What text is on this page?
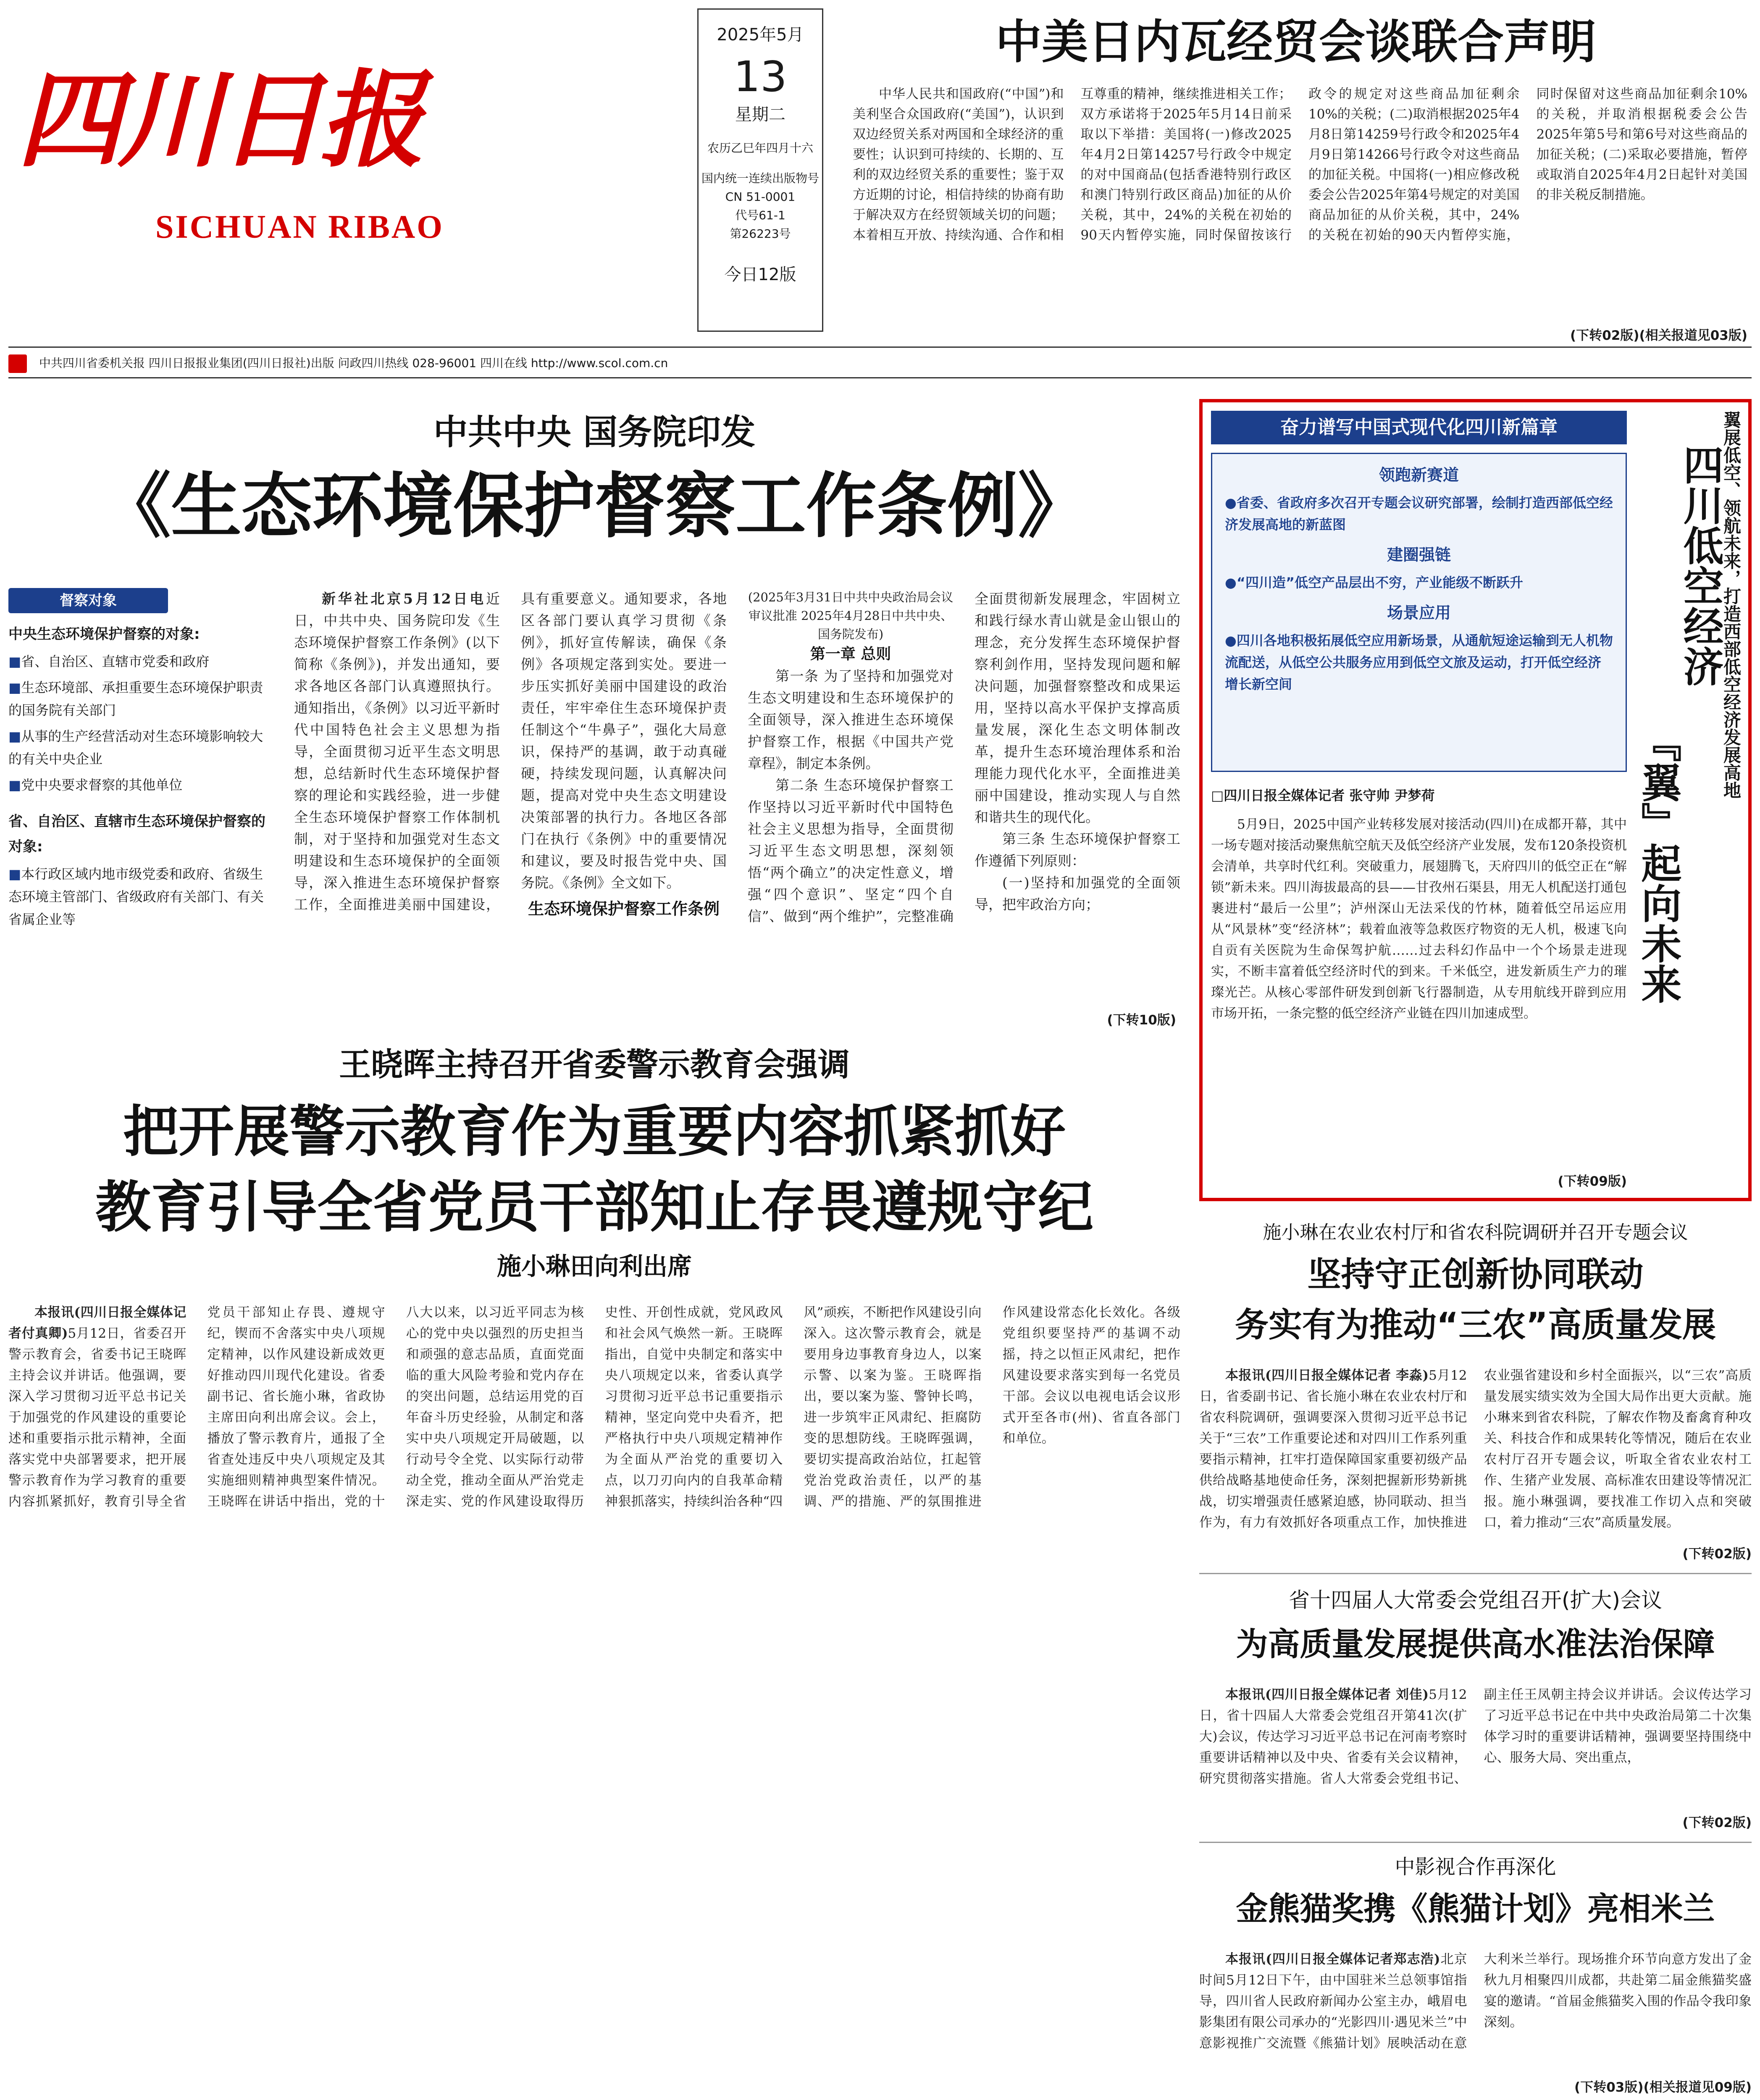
四川日报
SICHUAN RIBAO
2025年5月
13
星期二
农历乙巳年四月十六
国内统一连续出版物号
CN 51-0001
代号61-1
第26223号
今日12版
中美日内瓦经贸会谈联合声明

中华人民共和国政府(“中国”)和美利坚合众国政府(“美国”)，认识到双边经贸关系对两国和全球经济的重要性；认识到可持续的、长期的、互利的双边经贸关系的重要性；鉴于双方近期的讨论，相信持续的协商有助于解决双方在经贸领域关切的问题；本着相互开放、持续沟通、合作和相互尊重的精神，继续推进相关工作；双方承诺将于2025年5月14日前采取以下举措：美国将(一)修改2025年4月2日第14257号行政令中规定的对中国商品(包括香港特别行政区和澳门特别行政区商品)加征的从价关税，其中，24%的关税在初始的90天内暂停实施，同时保留按该行政令的规定对这些商品加征剩余10%的关税；(二)取消根据2025年4月8日第14259号行政令和2025年4月9日第14266号行政令对这些商品的加征关税。中国将(一)相应修改税委会公告2025年第4号规定的对美国商品加征的从价关税，其中，24%的关税在初始的90天内暂停实施，同时保留对这些商品加征剩余10%的关税，并取消根据税委会公告2025年第5号和第6号对这些商品的加征关税；(二)采取必要措施，暂停或取消自2025年4月2日起针对美国的非关税反制措施。

(下转02版)(相关报道见03版)
中共四川省委机关报 四川日报报业集团(四川日报社)出版 问政四川热线 028-96001 四川在线 http://www.scol.com.cn
中共中央 国务院印发
《生态环境保护督察工作条例》
督察对象
中央生态环境保护督察的对象:
■省、自治区、直辖市党委和政府
■生态环境部、承担重要生态环境保护职责的国务院有关部门
■从事的生产经营活动对生态环境影响较大的有关中央企业
■党中央要求督察的其他单位
省、自治区、直辖市生态环境保护督察的对象:
■本行政区域内地市级党委和政府、省级生态环境主管部门、省级政府有关部门、有关省属企业等

新华社北京5月12日电近日，中共中央、国务院印发《生态环境保护督察工作条例》(以下简称《条例》)，并发出通知，要求各地区各部门认真遵照执行。通知指出，《条例》以习近平新时代中国特色社会主义思想为指导，全面贯彻习近平生态文明思想，总结新时代生态环境保护督察的理论和实践经验，进一步健全生态环境保护督察工作体制机制，对于坚持和加强党对生态文明建设和生态环境保护的全面领导，深入推进生态环境保护督察工作，全面推进美丽中国建设，具有重要意义。通知要求，各地区各部门要认真学习贯彻《条例》，抓好宣传解读，确保《条例》各项规定落到实处。要进一步压实抓好美丽中国建设的政治责任，牢牢牵住生态环境保护责任制这个“牛鼻子”，强化大局意识，保持严的基调，敢于动真碰硬，持续发现问题，认真解决问题，提高对党中央生态文明建设决策部署的执行力。各地区各部门在执行《条例》中的重要情况和建议，要及时报告党中央、国务院。《条例》全文如下。

生态环境保护督察工作条例

(2025年3月31日中共中央政治局会议审议批准 2025年4月28日中共中央、国务院发布)

第一章 总则

第一条 为了坚持和加强党对生态文明建设和生态环境保护的全面领导，深入推进生态环境保护督察工作，根据《中国共产党章程》，制定本条例。

第二条 生态环境保护督察工作坚持以习近平新时代中国特色社会主义思想为指导，全面贯彻习近平生态文明思想，深刻领悟“两个确立”的决定性意义，增强“四个意识”、坚定“四个自信”、做到“两个维护”，完整准确全面贯彻新发展理念，牢固树立和践行绿水青山就是金山银山的理念，充分发挥生态环境保护督察利剑作用，坚持发现问题和解决问题，加强督察整改和成果运用，坚持以高水平保护支撑高质量发展，深化生态文明体制改革，提升生态环境治理体系和治理能力现代化水平，全面推进美丽中国建设，推动实现人与自然和谐共生的现代化。

第三条 生态环境保护督察工作遵循下列原则：

(一)坚持和加强党的全面领导，把牢政治方向；

(下转10版)
奋力谱写中国式现代化四川新篇章
领跑新赛道
●省委、省政府多次召开专题会议研究部署，绘制打造西部低空经济发展高地的新蓝图
建圈强链
●“四川造”低空产品层出不穷，产业能级不断跃升
场景应用
●四川各地积极拓展低空应用新场景，从通航短途运输到无人机物流配送，从低空公共服务应用到低空文旅及运动，打开低空经济增长新空间
□四川日报全媒体记者 张守帅 尹梦荷

5月9日，2025中国产业转移发展对接活动(四川)在成都开幕，其中一场专题对接活动聚焦航空航天及低空经济产业发展，发布120条投资机会清单，共享时代红利。突破重力，展翅腾飞，天府四川的低空正在“解锁”新未来。四川海拔最高的县——甘孜州石渠县，用无人机配送打通包裹进村“最后一公里”；泸州深山无法采伐的竹林，随着低空吊运应用从“风景林”变“经济林”；载着血液等急救医疗物资的无人机，极速飞向自贡有关医院为生命保驾护航……过去科幻作品中一个个场景走进现实，不断丰富着低空经济时代的到来。千米低空，进发新质生产力的璀璨光芒。从核心零部件研发到创新飞行器制造，从专用航线开辟到应用市场开拓，一条完整的低空经济产业链在四川加速成型。

(下转09版)
翼展低空、领航未来，打造西部低空经济发展高地
四川低空经济
『翼』起向未来
王晓晖主持召开省委警示教育会强调
把开展警示教育作为重要内容抓紧抓好
教育引导全省党员干部知止存畏遵规守纪
施小琳田向利出席

本报讯(四川日报全媒体记者付真卿)5月12日，省委召开警示教育会，省委书记王晓晖主持会议并讲话。他强调，要深入学习贯彻习近平总书记关于加强党的作风建设的重要论述和重要指示批示精神，全面落实党中央部署要求，把开展警示教育作为学习教育的重要内容抓紧抓好，教育引导全省党员干部知止存畏、遵规守纪，锲而不舍落实中央八项规定精神，以作风建设新成效更好推动四川现代化建设。省委副书记、省长施小琳，省政协主席田向利出席会议。会上，播放了警示教育片，通报了全省查处违反中央八项规定及其实施细则精神典型案件情况。王晓晖在讲话中指出，党的十八大以来，以习近平同志为核心的党中央以强烈的历史担当和顽强的意志品质，直面党面临的重大风险考验和党内存在的突出问题，总结运用党的百年奋斗历史经验，从制定和落实中央八项规定开局破题，以行动号令全党、以实际行动带动全党，推动全面从严治党走深走实、党的作风建设取得历史性、开创性成就，党风政风和社会风气焕然一新。王晓晖指出，自觉中央制定和落实中央八项规定以来，省委认真学习贯彻习近平总书记重要指示精神，坚定向党中央看齐，把严格执行中央八项规定精神作为全面从严治党的重要切入点，以刀刃向内的自我革命精神狠抓落实，持续纠治各种“四风”顽疾，不断把作风建设引向深入。这次警示教育会，就是要用身边事教育身边人，以案示警、以案为鉴。王晓晖指出，要以案为鉴、警钟长鸣，进一步筑牢正风肃纪、拒腐防变的思想防线。王晓晖强调，要切实提高政治站位，扛起管党治党政治责任，以严的基调、严的措施、严的氛围推进作风建设常态化长效化。各级党组织要坚持严的基调不动摇，持之以恒正风肃纪，把作风建设要求落实到每一名党员干部。会议以电视电话会议形式开至各市(州)、省直各部门和单位。

施小琳在农业农村厅和省农科院调研并召开专题会议
坚持守正创新协同联动
务实有为推动“三农”高质量发展

本报讯(四川日报全媒体记者 李淼)5月12日，省委副书记、省长施小琳在农业农村厅和省农科院调研，强调要深入贯彻习近平总书记关于“三农”工作重要论述和对四川工作系列重要指示精神，扛牢打造保障国家重要初级产品供给战略基地使命任务，深刻把握新形势新挑战，切实增强责任感紧迫感，协同联动、担当作为，有力有效抓好各项重点工作，加快推进农业强省建设和乡村全面振兴，以“三农”高质量发展实绩实效为全国大局作出更大贡献。施小琳来到省农科院，了解农作物及畜禽育种攻关、科技合作和成果转化等情况，随后在农业农村厅召开专题会议，听取全省农业农村工作、生猪产业发展、高标准农田建设等情况汇报。施小琳强调，要找准工作切入点和突破口，着力推动“三农”高质量发展。

(下转02版)
省十四届人大常委会党组召开(扩大)会议
为高质量发展提供高水准法治保障

本报讯(四川日报全媒体记者 刘佳)5月12日，省十四届人大常委会党组召开第41次(扩大)会议，传达学习习近平总书记在河南考察时重要讲话精神以及中央、省委有关会议精神，研究贯彻落实措施。省人大常委会党组书记、副主任王凤朝主持会议并讲话。会议传达学习了习近平总书记在中共中央政治局第二十次集体学习时的重要讲话精神，强调要坚持围绕中心、服务大局、突出重点，

(下转02版)
中影视合作再深化
金熊猫奖携《熊猫计划》亮相米兰

本报讯(四川日报全媒体记者郑志浩)北京时间5月12日下午，由中国驻米兰总领事馆指导，四川省人民政府新闻办公室主办，峨眉电影集团有限公司承办的“光影四川·遇见米兰”中意影视推广交流暨《熊猫计划》展映活动在意大利米兰举行。现场推介环节向意方发出了金秋九月相聚四川成都，共赴第二届金熊猫奖盛宴的邀请。“首届金熊猫奖入围的作品令我印象深刻。

(下转03版)(相关报道见09版)
